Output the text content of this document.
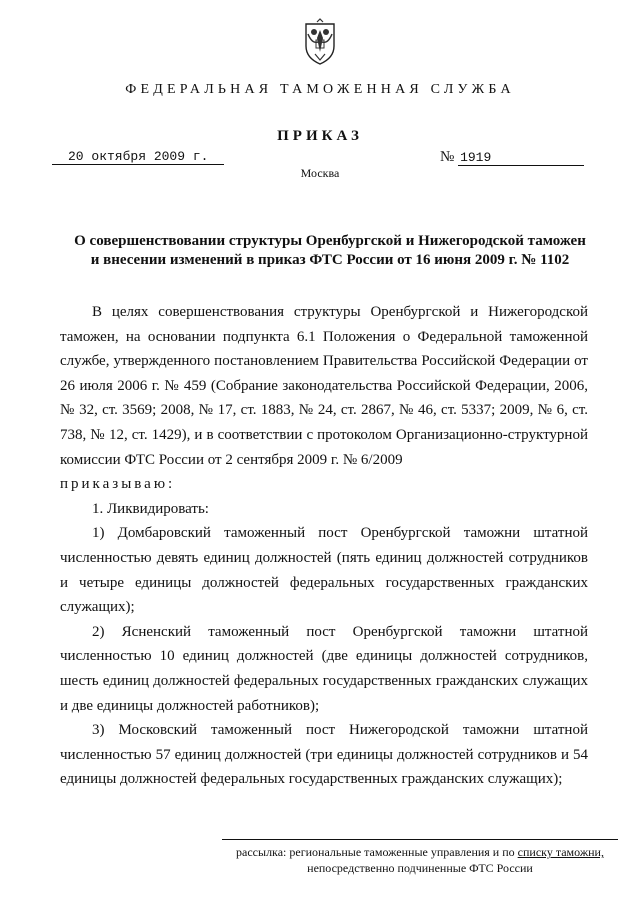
ФЕДЕРАЛЬНАЯ ТАМОЖЕННАЯ СЛУЖБА
ПРИКАЗ
20 октября 2009 г.	№ 1919
Москва
О совершенствовании структуры Оренбургской и Нижегородской таможен
и внесении изменений в приказ ФТС России от 16 июня 2009 г. № 1102

В целях совершенствования структуры Оренбургской и Нижегородской таможен, на основании подпункта 6.1 Положения о Федеральной таможенной службе, утвержденного постановлением Правительства Российской Федерации от 26 июля 2006 г. № 459 (Собрание законодательства Российской Федерации, 2006, № 32, ст. 3569; 2008, № 17, ст. 1883, № 24, ст. 2867, № 46, ст. 5337; 2009, № 6, ст. 738, № 12, ст. 1429), и в соответствии с протоколом Организационно-структурной комиссии ФТС России от 2 сентября 2009 г. № 6/2009

приказываю:

1. Ликвидировать:

1) Домбаровский таможенный пост Оренбургской таможни штатной численностью девять единиц должностей (пять единиц должностей сотрудников и четыре единицы должностей федеральных государственных гражданских служащих);

2) Ясненский таможенный пост Оренбургской таможни штатной численностью 10 единиц должностей (две единицы должностей сотрудников, шесть единиц должностей федеральных государственных гражданских служащих и две единицы должностей работников);

3) Московский таможенный пост Нижегородской таможни штатной численностью 57 единиц должностей (три единицы должностей сотрудников и 54 единицы должностей федеральных государственных гражданских служащих);

рассылка: региональные таможенные управления и по списку таможни,
непосредственно подчиненные ФТС России
